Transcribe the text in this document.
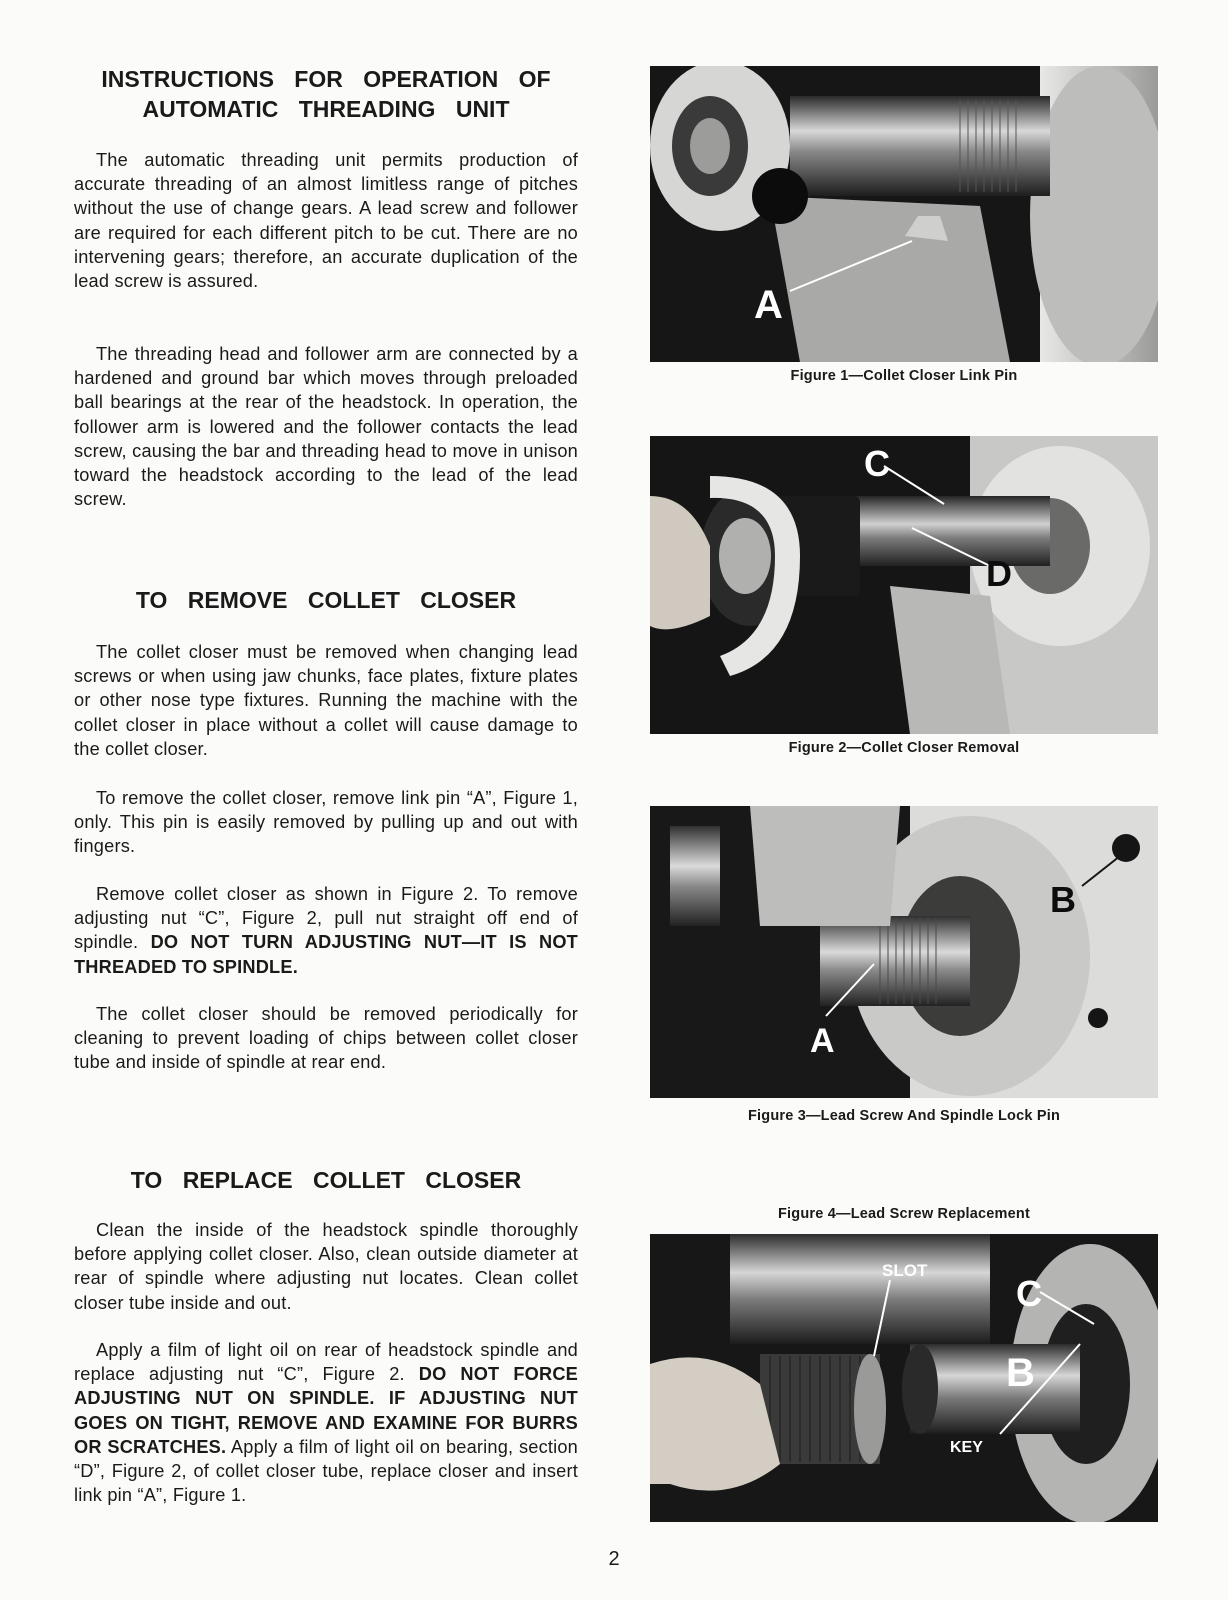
INSTRUCTIONS FOR OPERATION OF
AUTOMATIC THREADING UNIT

The automatic threading unit permits production of accurate threading of an almost limitless range of pitches without the use of change gears. A lead screw and follower are required for each different pitch to be cut. There are no intervening gears; therefore, an accurate duplication of the lead screw is assured.

The threading head and follower arm are connected by a hardened and ground bar which moves through preloaded ball bearings at the rear of the headstock. In operation, the follower arm is lowered and the follower contacts the lead screw, causing the bar and threading head to move in unison toward the headstock according to the lead of the lead screw.

TO REMOVE COLLET CLOSER

The collet closer must be removed when changing lead screws or when using jaw chunks, face plates, fixture plates or other nose type fixtures. Running the machine with the collet closer in place without a collet will cause damage to the collet closer.

To remove the collet closer, remove link pin “A”, Figure 1, only. This pin is easily removed by pulling up and out with fingers.

Remove collet closer as shown in Figure 2. To remove adjusting nut “C”, Figure 2, pull nut straight off end of spindle. DO NOT TURN ADJUSTING NUT—IT IS NOT THREADED TO SPINDLE.

The collet closer should be removed periodically for cleaning to prevent loading of chips between collet closer tube and inside of spindle at rear end.

TO REPLACE COLLET CLOSER

Clean the inside of the headstock spindle thoroughly before applying collet closer. Also, clean outside diameter at rear of spindle where adjusting nut locates. Clean collet closer tube inside and out.

Apply a film of light oil on rear of headstock spindle and replace adjusting nut “C”, Figure 2. DO NOT FORCE ADJUSTING NUT ON SPINDLE. IF ADJUSTING NUT GOES ON TIGHT, REMOVE AND EXAMINE FOR BURRS OR SCRATCHES. Apply a film of light oil on bearing, section “D”, Figure 2, of collet closer tube, replace closer and insert link pin “A”, Figure 1.

A

Figure 1—Collet Closer Link Pin

C
D

Figure 2—Collet Closer Removal

B
A

Figure 3—Lead Screw And Spindle Lock Pin

Figure 4—Lead Screw Replacement

SLOT
C
B
KEY
2
